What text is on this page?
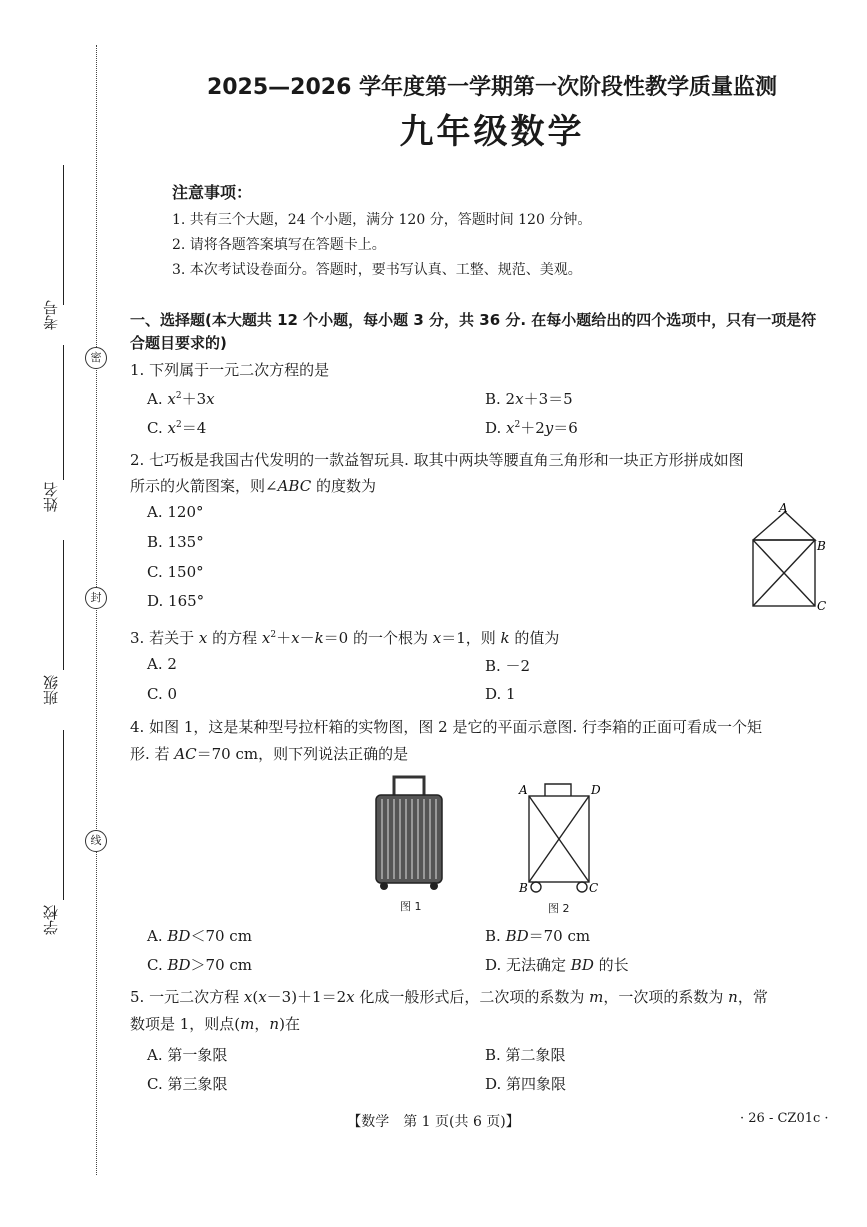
考号
姓名
班级
学校
密
封
线
2025—2026 学年度第一学期第一次阶段性教学质量监测
九年级数学
注意事项：
1. 共有三个大题，24 个小题，满分 120 分，答题时间 120 分钟。
2. 请将各题答案填写在答题卡上。
3. 本次考试设卷面分。答题时，要书写认真、工整、规范、美观。
一、选择题(本大题共 12 个小题，每小题 3 分，共 36 分. 在每小题给出的四个选项中，只有一项是符合题目要求的)
1. 下列属于一元二次方程的是
A. $x^2+3x$	B. 2x＋3＝5
C. $x^2=4$	D. $x^2+2y=6$
2. 七巧板是我国古代发明的一款益智玩具. 取其中两块等腰直角三角形和一块正方形拼成如图
所示的火箭图案，则∠ABC 的度数为
A. 120°
B. 135°
C. 150°
D. 165°
A
B
C
3. 若关于 x 的方程 $x^2+x-k=0$ 的一个根为 x＝1，则 k 的值为
A. 2	B. －2
C. 0	D. 1
4. 如图 1，这是某种型号拉杆箱的实物图，图 2 是它的平面示意图. 行李箱的正面可看成一个矩
形. 若 AC＝70 cm，则下列说法正确的是
图 1
A	D
B	C
图 2
A. BD＜70 cm	B. BD＝70 cm
C. BD＞70 cm	D. 无法确定 BD 的长
5. 一元二次方程 x(x－3)＋1＝2x 化成一般形式后，二次项的系数为 m，一次项的系数为 n，常
数项是 1，则点(m，n)在
A. 第一象限	B. 第二象限
C. 第三象限	D. 第四象限
【数学　第 1 页(共 6 页)】	· 26 - CZ01c ·
